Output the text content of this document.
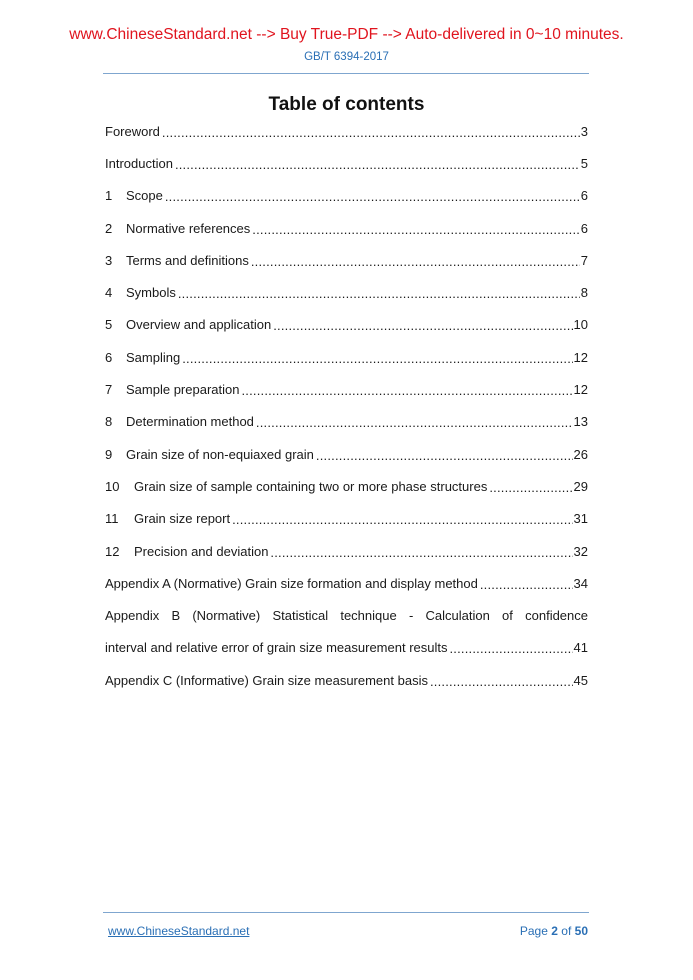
www.ChineseStandard.net --> Buy True-PDF --> Auto-delivered in 0~10 minutes.
GB/T 6394-2017
Table of contents
Foreword .....	3
Introduction .....	5
1	Scope .....	6
2	Normative references .....	6
3	Terms and definitions .....	7
4	Symbols .....	8
5	Overview and application .....	10
6	Sampling .....	12
7	Sample preparation .....	12
8	Determination method .....	13
9	Grain size of non-equiaxed grain .....	26
10	Grain size of sample containing two or more phase structures .....	29
11	Grain size report .....	31
12	Precision and deviation .....	32
Appendix A (Normative) Grain size formation and display method .....	34
Appendix B (Normative) Statistical technique - Calculation of confidence
interval and relative error of grain size measurement results .....	41
Appendix C (Informative) Grain size measurement basis .....	45
www.ChineseStandard.net	Page 2 of 50
